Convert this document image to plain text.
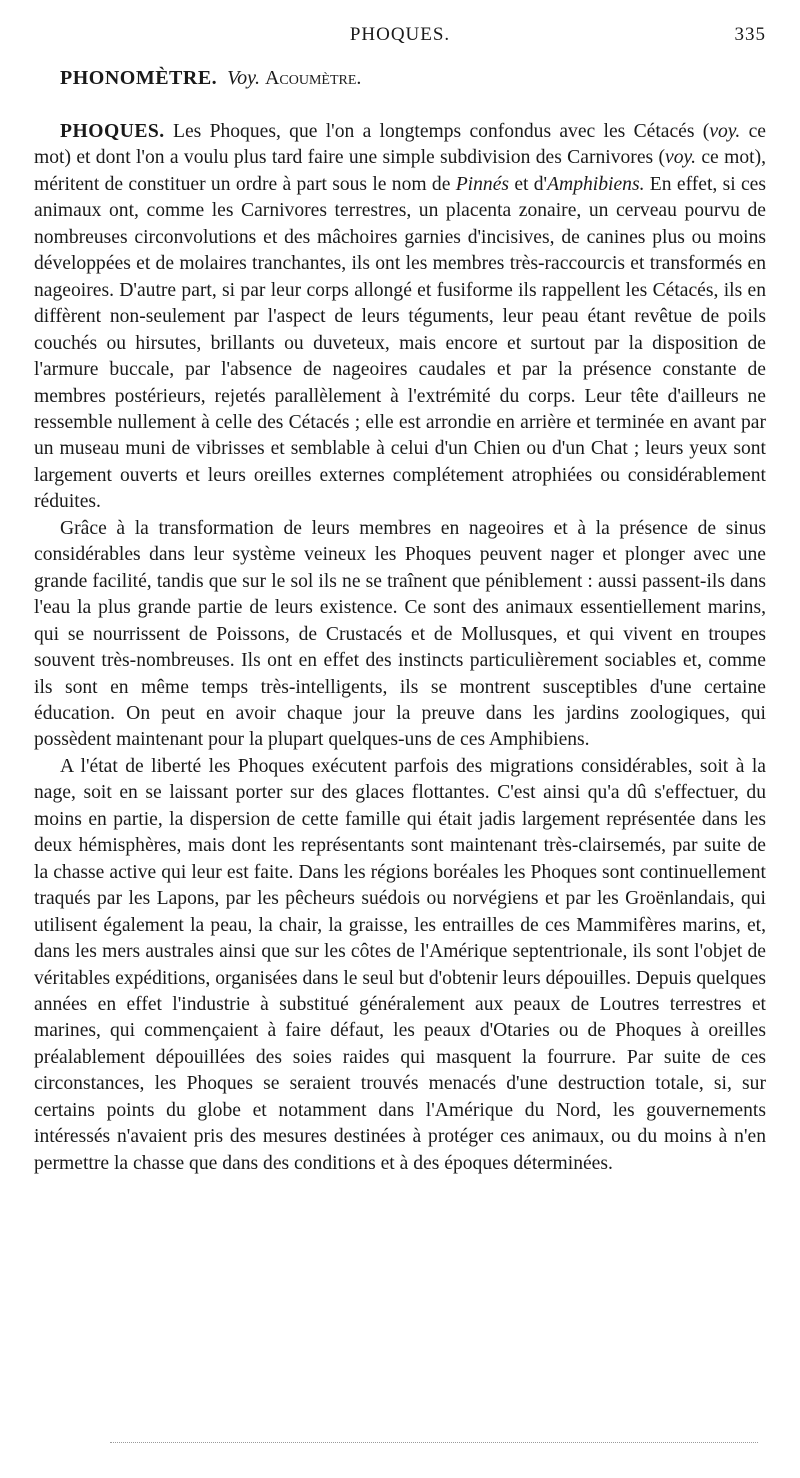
PHOQUES.	335

PHONOMÈTRE. Voy. Acoumètre.

PHOQUES. Les Phoques, que l'on a longtemps confondus avec les Cétacés (voy. ce mot) et dont l'on a voulu plus tard faire une simple subdivision des Carnivores (voy. ce mot), méritent de constituer un ordre à part sous le nom de Pinnés et d'Amphibiens. En effet, si ces animaux ont, comme les Carnivores terrestres, un placenta zonaire, un cerveau pourvu de nombreuses circonvolutions et des mâchoires garnies d'incisives, de canines plus ou moins développées et de molaires tranchantes, ils ont les membres très-raccourcis et transformés en nageoires. D'autre part, si par leur corps allongé et fusiforme ils rappellent les Cétacés, ils en diffèrent non-seulement par l'aspect de leurs téguments, leur peau étant revêtue de poils couchés ou hirsutes, brillants ou duveteux, mais encore et surtout par la disposition de l'armure buccale, par l'absence de nageoires caudales et par la présence constante de membres postérieurs, rejetés parallèlement à l'extrémité du corps. Leur tête d'ailleurs ne ressemble nullement à celle des Cétacés ; elle est arrondie en arrière et terminée en avant par un museau muni de vibrisses et semblable à celui d'un Chien ou d'un Chat ; leurs yeux sont largement ouverts et leurs oreilles externes complétement atrophiées ou considérablement réduites.

Grâce à la transformation de leurs membres en nageoires et à la présence de sinus considérables dans leur système veineux les Phoques peuvent nager et plonger avec une grande facilité, tandis que sur le sol ils ne se traînent que péniblement : aussi passent-ils dans l'eau la plus grande partie de leurs existence. Ce sont des animaux essentiellement marins, qui se nourrissent de Poissons, de Crustacés et de Mollusques, et qui vivent en troupes souvent très-nombreuses. Ils ont en effet des instincts particulièrement sociables et, comme ils sont en même temps très-intelligents, ils se montrent susceptibles d'une certaine éducation. On peut en avoir chaque jour la preuve dans les jardins zoologiques, qui possèdent maintenant pour la plupart quelques-uns de ces Amphibiens.

A l'état de liberté les Phoques exécutent parfois des migrations considérables, soit à la nage, soit en se laissant porter sur des glaces flottantes. C'est ainsi qu'a dû s'effectuer, du moins en partie, la dispersion de cette famille qui était jadis largement représentée dans les deux hémisphères, mais dont les représentants sont maintenant très-clairsemés, par suite de la chasse active qui leur est faite. Dans les régions boréales les Phoques sont continuellement traqués par les Lapons, par les pêcheurs suédois ou norvégiens et par les Groënlandais, qui utilisent également la peau, la chair, la graisse, les entrailles de ces Mammifères marins, et, dans les mers australes ainsi que sur les côtes de l'Amérique septentrionale, ils sont l'objet de véritables expéditions, organisées dans le seul but d'obtenir leurs dépouilles. Depuis quelques années en effet l'industrie à substitué généralement aux peaux de Loutres terrestres et marines, qui commençaient à faire défaut, les peaux d'Otaries ou de Phoques à oreilles préalablement dépouillées des soies raides qui masquent la fourrure. Par suite de ces circonstances, les Phoques se seraient trouvés menacés d'une destruction totale, si, sur certains points du globe et notamment dans l'Amérique du Nord, les gouvernements intéressés n'avaient pris des mesures destinées à protéger ces animaux, ou du moins à n'en permettre la chasse que dans des conditions et à des époques déterminées.
